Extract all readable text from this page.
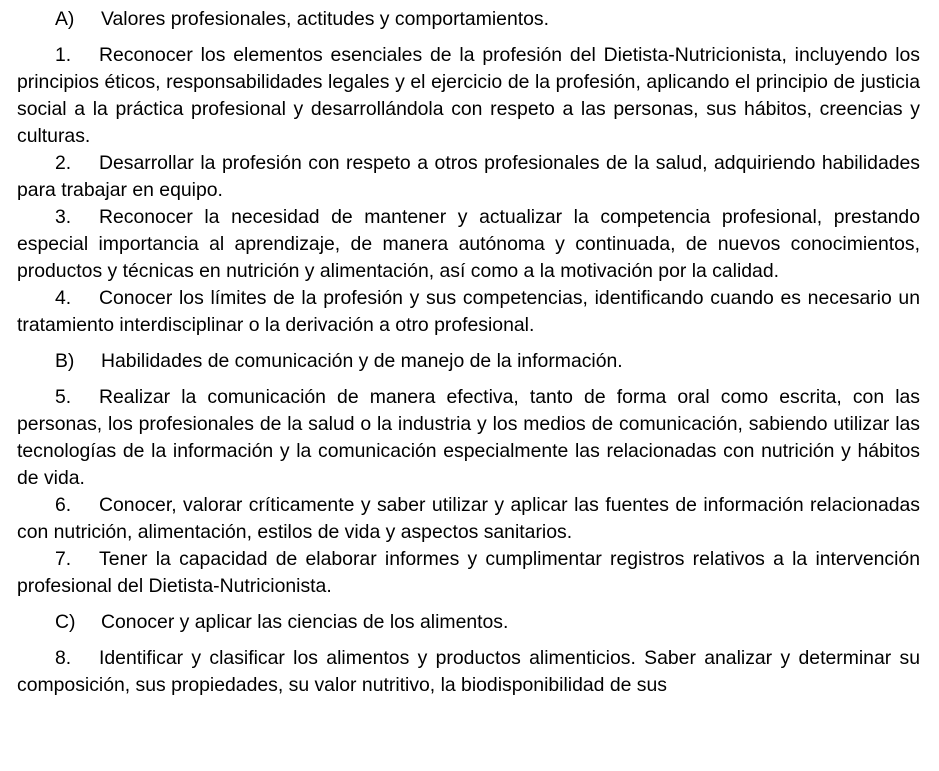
A) Valores profesionales, actitudes y comportamientos.

1. Reconocer los elementos esenciales de la profesión del Dietista-Nutricionista, incluyendo los principios éticos, responsabilidades legales y el ejercicio de la profesión, aplicando el principio de justicia social a la práctica profesional y desarrollándola con respeto a las personas, sus hábitos, creencias y culturas.

2. Desarrollar la profesión con respeto a otros profesionales de la salud, adquiriendo habilidades para trabajar en equipo.

3. Reconocer la necesidad de mantener y actualizar la competencia profesional, prestando especial importancia al aprendizaje, de manera autónoma y continuada, de nuevos conocimientos, productos y técnicas en nutrición y alimentación, así como a la motivación por la calidad.

4. Conocer los límites de la profesión y sus competencias, identificando cuando es necesario un tratamiento interdisciplinar o la derivación a otro profesional.

B) Habilidades de comunicación y de manejo de la información.

5. Realizar la comunicación de manera efectiva, tanto de forma oral como escrita, con las personas, los profesionales de la salud o la industria y los medios de comunicación, sabiendo utilizar las tecnologías de la información y la comunicación especialmente las relacionadas con nutrición y hábitos de vida.

6. Conocer, valorar críticamente y saber utilizar y aplicar las fuentes de información relacionadas con nutrición, alimentación, estilos de vida y aspectos sanitarios.

7. Tener la capacidad de elaborar informes y cumplimentar registros relativos a la intervención profesional del Dietista-Nutricionista.

C) Conocer y aplicar las ciencias de los alimentos.

8. Identificar y clasificar los alimentos y productos alimenticios. Saber analizar y determinar su composición, sus propiedades, su valor nutritivo, la biodisponibilidad de sus
